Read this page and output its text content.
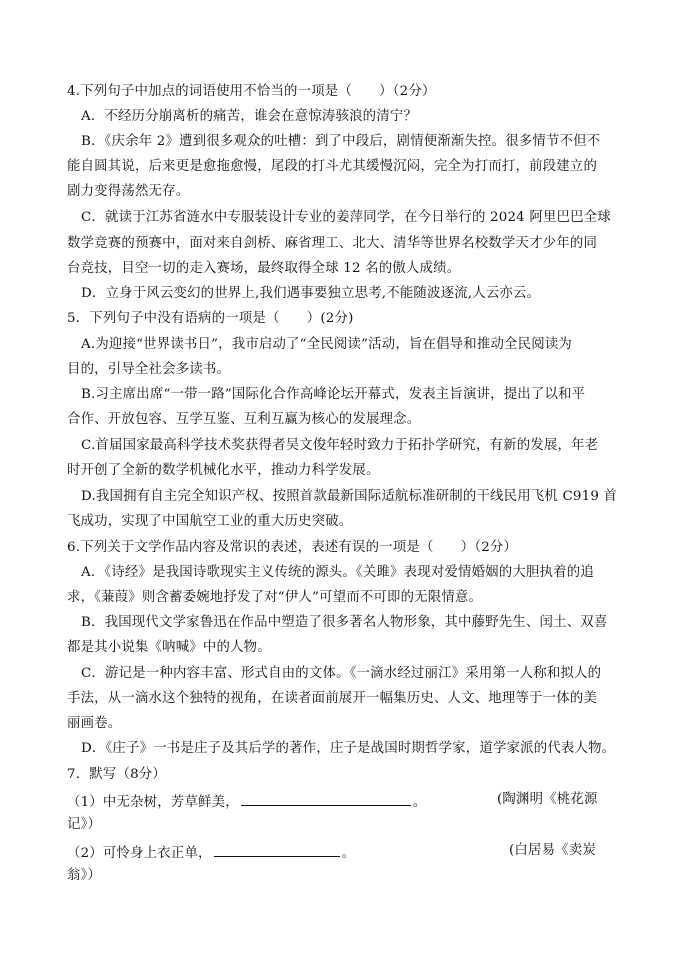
4.下列句子中加点的词语使用不恰当的一项是（　　）（2分）
A．不经历分崩离析的痛苦，谁会在意惊涛骇浪的清宁？
B．《庆余年 2》遭到很多观众的吐槽：到了中段后，剧情便渐渐失控。很多情节不但不
能自圆其说，后来更是愈拖愈慢，尾段的打斗尤其缓慢沉闷，完全为打而打，前段建立的
剧力变得荡然无存。
C．就读于江苏省涟水中专服装设计专业的姜萍同学，在今日举行的 2024 阿里巴巴全球
数学竞赛的预赛中，面对来自剑桥、麻省理工、北大、清华等世界名校数学天才少年的同
台竞技，目空一切的走入赛场，最终取得全球 12 名的傲人成绩。
D．立身于风云变幻的世界上,我们遇事要独立思考,不能随波逐流,人云亦云。
5．下列句子中没有语病的一项是（　　）(2分)
A.为迎接“世界读书日”，我市启动了“全民阅读”活动，旨在倡导和推动全民阅读为
目的，引导全社会多读书。
B.习主席出席“一带一路”国际化合作高峰论坛开幕式，发表主旨演讲，提出了以和平
合作、开放包容、互学互鉴、互利互赢为核心的发展理念。
C.首届国家最高科学技术奖获得者吴文俊年轻时致力于拓扑学研究，有新的发展，年老
时开创了全新的数学机械化水平，推动力科学发展。
D.我国拥有自主完全知识产权、按照首款最新国际适航标准研制的干线民用飞机 C919 首
飞成功，实现了中国航空工业的重大历史突破。
6.下列关于文学作品内容及常识的表述，表述有误的一项是（　　）（2分）
A．《诗经》是我国诗歌现实主义传统的源头。《关雎》表现对爱情婚姻的大胆执着的追
求，《蒹葭》则含蓄委婉地抒发了对“伊人”可望而不可即的无限情意。
B．我国现代文学家鲁迅在作品中塑造了很多著名人物形象，其中藤野先生、闰土、双喜
都是其小说集《呐喊》中的人物。
C．游记是一种内容丰富、形式自由的文体。《一滴水经过丽江》采用第一人称和拟人的
手法，从一滴水这个独特的视角，在读者面前展开一幅集历史、人文、地理等于一体的美
丽画卷。
D．《庄子》一书是庄子及其后学的著作，庄子是战国时期哲学家，道学家派的代表人物。
7．默写（8分）
（1）中无杂树，芳草鲜美，	。	(陶渊明《桃花源
记》）
（2）可怜身上衣正单，	。	(白居易《卖炭
翁》）
